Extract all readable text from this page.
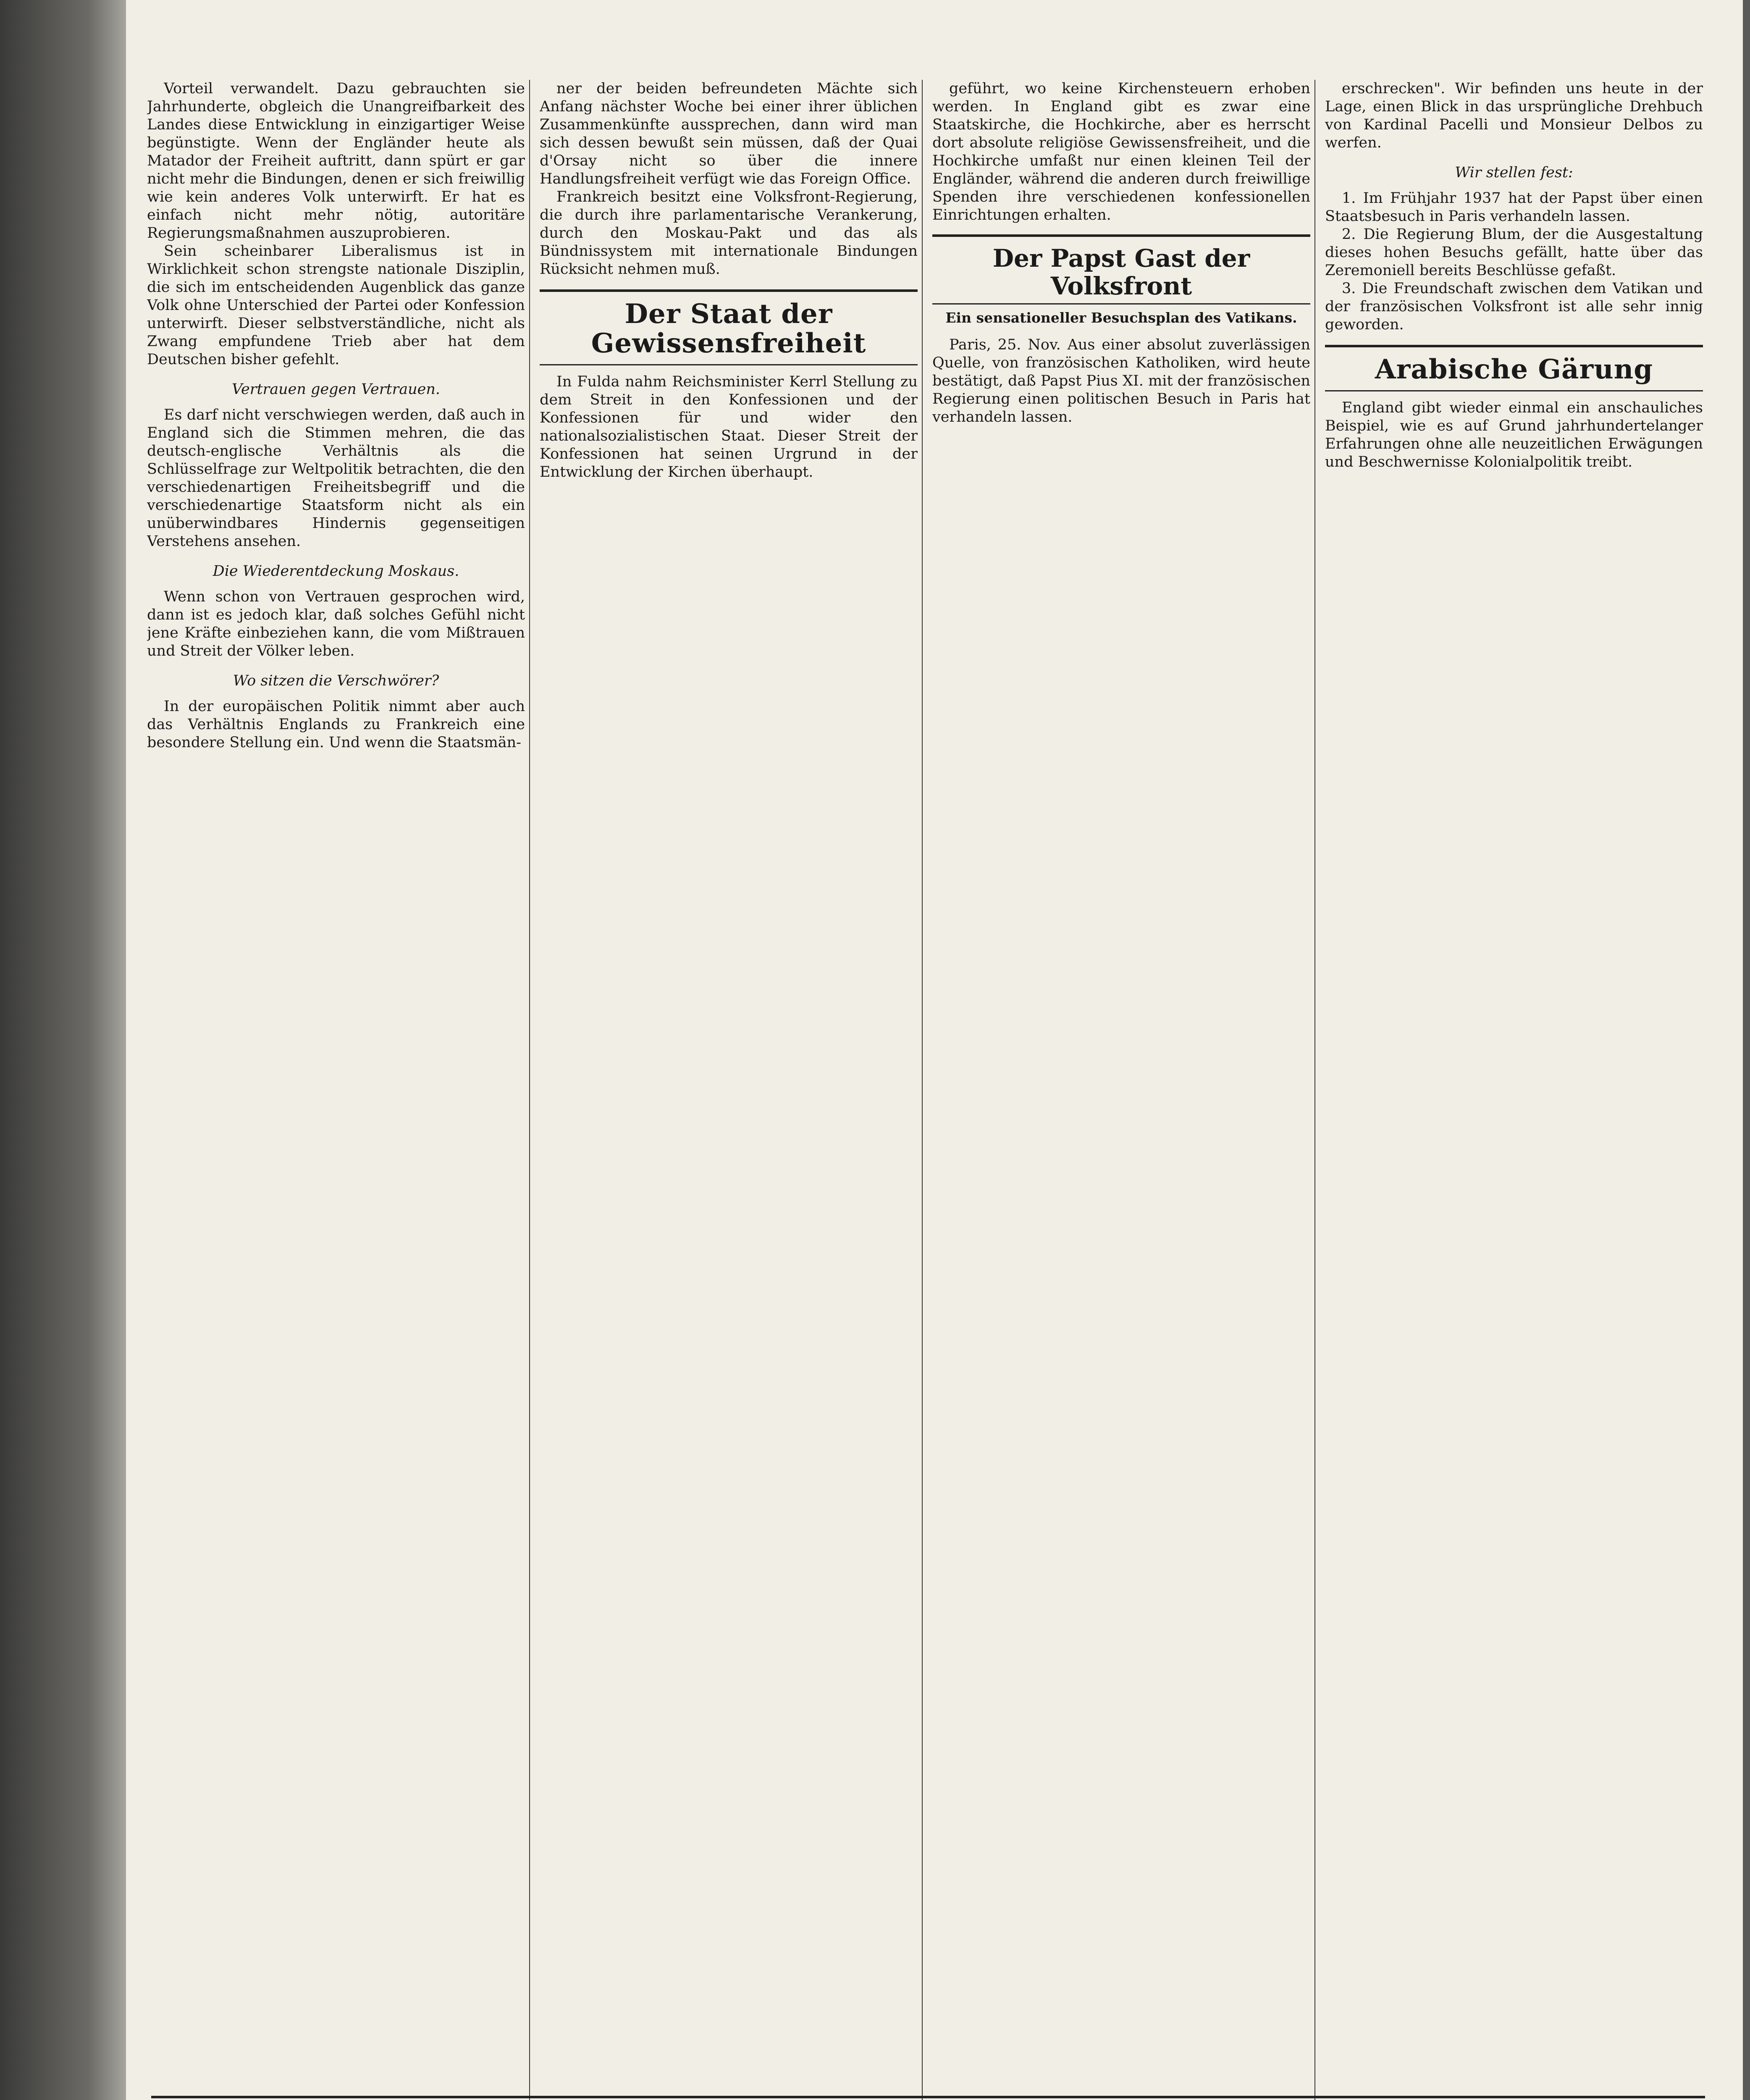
Vorteil verwandelt. Dazu gebrauchten sie Jahrhunderte, obgleich die Unangreifbarkeit des Landes diese Entwicklung in einzigartiger Weise begünstigte. Wenn der Engländer heute als Matador der Freiheit auftritt, dann spürt er gar nicht mehr die Bindungen, denen er sich freiwillig wie kein anderes Volk unterwirft. Er hat es einfach nicht mehr nötig, autoritäre Regierungsmaßnahmen auszuprobieren.

Sein scheinbarer Liberalismus ist in Wirklichkeit schon strengste nationale Disziplin, die sich im entscheidenden Augenblick das ganze Volk ohne Unterschied der Partei oder Konfession unterwirft. Dieser selbstverständliche, nicht als Zwang empfundene Trieb aber hat dem Deutschen bisher gefehlt.

Vertrauen gegen Vertrauen.

Es darf nicht verschwiegen werden, daß auch in England sich die Stimmen mehren, die das deutsch-englische Verhältnis als die Schlüsselfrage zur Weltpolitik betrachten, die den verschiedenartigen Freiheitsbegriff und die verschiedenartige Staatsform nicht als ein unüberwindbares Hindernis gegenseitigen Verstehens ansehen.

Die Wiederentdeckung Moskaus.

Wenn schon von Vertrauen gesprochen wird, dann ist es jedoch klar, daß solches Gefühl nicht jene Kräfte einbeziehen kann, die vom Mißtrauen und Streit der Völker leben.

Wo sitzen die Verschwörer?

In der europäischen Politik nimmt aber auch das Verhältnis Englands zu Frankreich eine besondere Stellung ein. Und wenn die Staatsmän-

ner der beiden befreundeten Mächte sich Anfang nächster Woche bei einer ihrer üblichen Zusammenkünfte aussprechen, dann wird man sich dessen bewußt sein müssen, daß der Quai d'Orsay nicht so über die innere Handlungsfreiheit verfügt wie das Foreign Office.

Frankreich besitzt eine Volksfront-Regierung, die durch ihre parlamentarische Verankerung, durch den Moskau-Pakt und das als Bündnissystem mit internationale Bindungen Rücksicht nehmen muß.

Der Staat der Gewissensfreiheit

In Fulda nahm Reichsminister Kerrl Stellung zu dem Streit in den Konfessionen und der Konfessionen für und wider den nationalsozialistischen Staat. Dieser Streit der Konfessionen hat seinen Urgrund in der Entwicklung der Kirchen überhaupt.

geführt, wo keine Kirchensteuern erhoben werden. In England gibt es zwar eine Staatskirche, die Hochkirche, aber es herrscht dort absolute religiöse Gewissensfreiheit, und die Hochkirche umfaßt nur einen kleinen Teil der Engländer, während die anderen durch freiwillige Spenden ihre verschiedenen konfessionellen Einrichtungen erhalten.

Der Papst Gast der Volksfront
Ein sensationeller Besuchsplan des Vatikans.

Paris, 25. Nov. Aus einer absolut zuverlässigen Quelle, von französischen Katholiken, wird heute bestätigt, daß Papst Pius XI. mit der französischen Regierung einen politischen Besuch in Paris hat verhandeln lassen.

erschrecken". Wir befinden uns heute in der Lage, einen Blick in das ursprüngliche Drehbuch von Kardinal Pacelli und Monsieur Delbos zu werfen.

Wir stellen fest:

1. Im Frühjahr 1937 hat der Papst über einen Staatsbesuch in Paris verhandeln lassen.

2. Die Regierung Blum, der die Ausgestaltung dieses hohen Besuchs gefällt, hatte über das Zeremoniell bereits Beschlüsse gefaßt.

3. Die Freundschaft zwischen dem Vatikan und der französischen Volksfront ist alle sehr innig geworden.

Arabische Gärung

England gibt wieder einmal ein anschauliches Beispiel, wie es auf Grund jahrhundertelanger Erfahrungen ohne alle neuzeitlichen Erwägungen und Beschwernisse Kolonialpolitik treibt.
